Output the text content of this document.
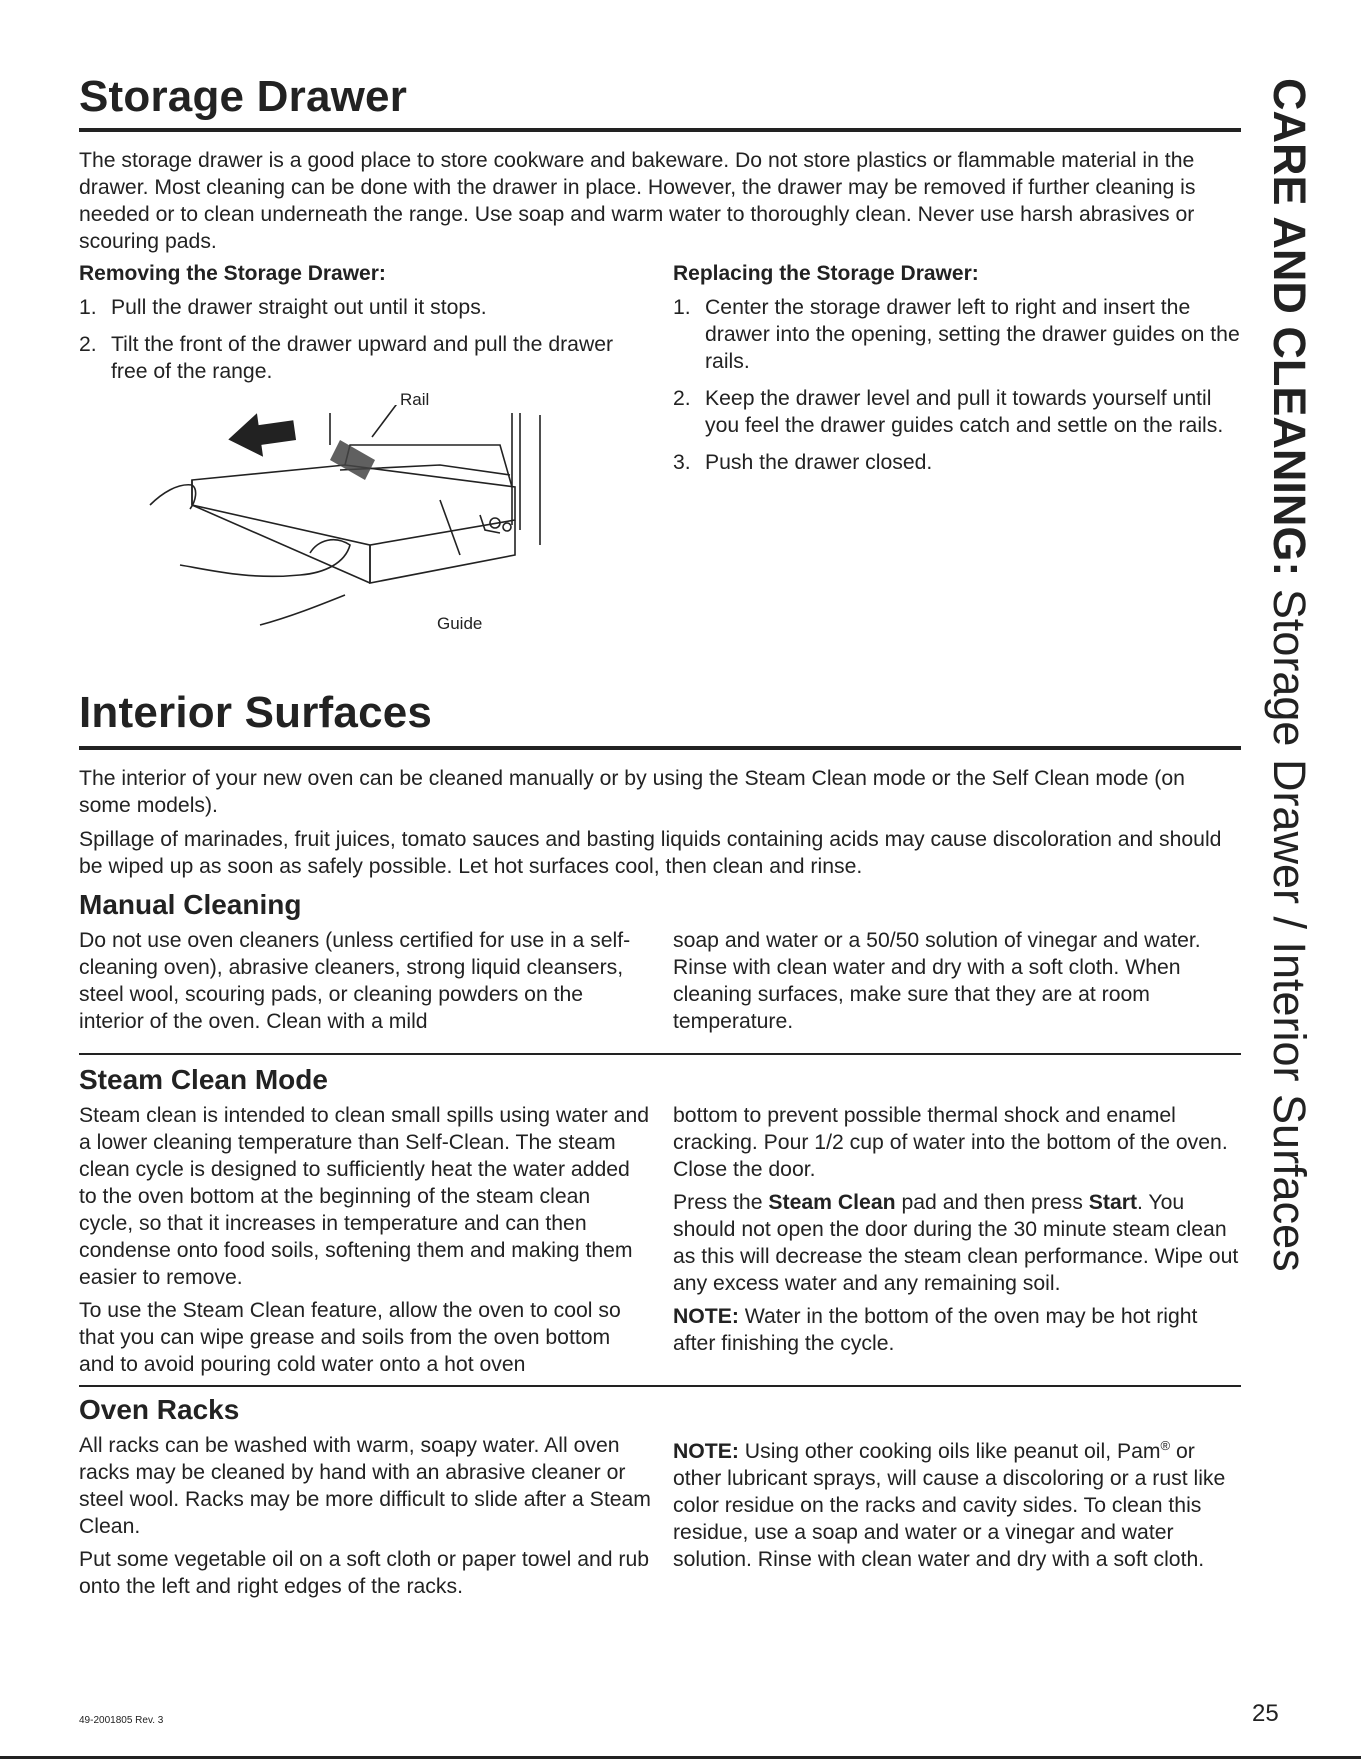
Storage Drawer

The storage drawer is a good place to store cookware and bakeware. Do not store plastics or flammable material in the drawer. Most cleaning can be done with the drawer in place. However, the drawer may be removed if further cleaning is needed or to clean underneath the range. Use soap and warm water to thoroughly clean. Never use harsh abrasives or scouring pads.

Removing the Storage Drawer:
1. Pull the drawer straight out until it stops.
2. Tilt the front of the drawer upward and pull the drawer free of the range.
Replacing the Storage Drawer:
1. Center the storage drawer left to right and insert the drawer into the opening, setting the drawer guides on the rails.
2. Keep the drawer level and pull it towards yourself until you feel the drawer guides catch and settle on the rails.
3. Push the drawer closed.
Rail
Guide
Interior Surfaces

The interior of your new oven can be cleaned manually or by using the Steam Clean mode or the Self Clean mode (on some models).

Spillage of marinades, fruit juices, tomato sauces and basting liquids containing acids may cause discoloration and should be wiped up as soon as safely possible. Let hot surfaces cool, then clean and rinse.

Manual Cleaning

Do not use oven cleaners (unless certified for use in a self-cleaning oven), abrasive cleaners, strong liquid cleansers, steel wool, scouring pads, or cleaning powders on the interior of the oven. Clean with a mild

soap and water or a 50/50 solution of vinegar and water. Rinse with clean water and dry with a soft cloth. When cleaning surfaces, make sure that they are at room temperature.

Steam Clean Mode

Steam clean is intended to clean small spills using water and a lower cleaning temperature than Self-Clean. The steam clean cycle is designed to sufficiently heat the water added to the oven bottom at the beginning of the steam clean cycle, so that it increases in temperature and can then condense onto food soils, softening them and making them easier to remove.

To use the Steam Clean feature, allow the oven to cool so that you can wipe grease and soils from the oven bottom and to avoid pouring cold water onto a hot oven

bottom to prevent possible thermal shock and enamel cracking. Pour 1/2 cup of water into the bottom of the oven. Close the door.

Press the Steam Clean pad and then press Start. You should not open the door during the 30 minute steam clean as this will decrease the steam clean performance. Wipe out any excess water and any remaining soil.

NOTE: Water in the bottom of the oven may be hot right after finishing the cycle.

Oven Racks

All racks can be washed with warm, soapy water. All oven racks may be cleaned by hand with an abrasive cleaner or steel wool. Racks may be more difficult to slide after a Steam Clean.

Put some vegetable oil on a soft cloth or paper towel and rub onto the left and right edges of the racks.

NOTE: Using other cooking oils like peanut oil, Pam® or other lubricant sprays, will cause a discoloring or a rust like color residue on the racks and cavity sides. To clean this residue, use a soap and water or a vinegar and water solution. Rinse with clean water and dry with a soft cloth.

CARE AND CLEANING: Storage Drawer / Interior Surfaces
49-2001805 Rev. 3	25
